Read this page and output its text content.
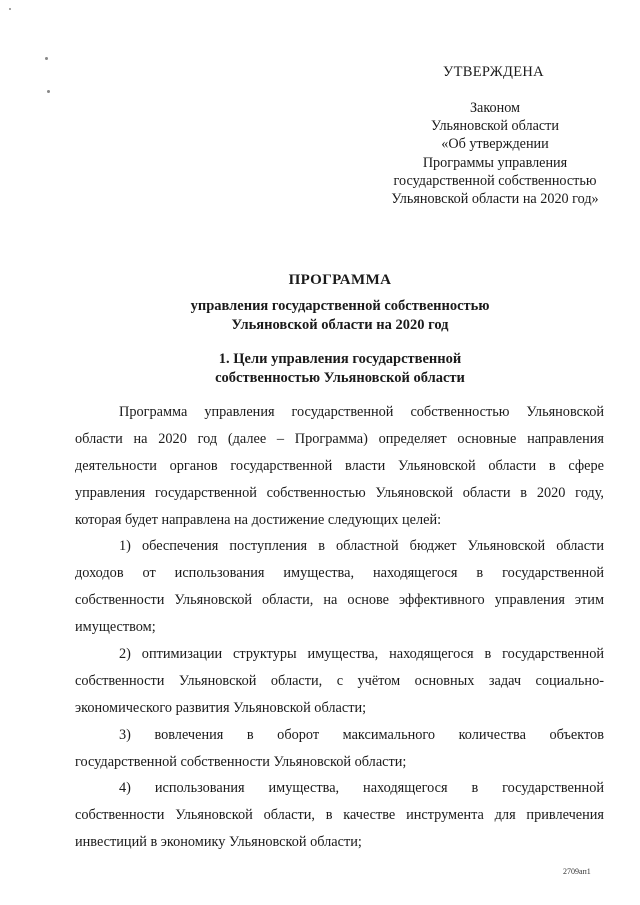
УТВЕРЖДЕНА
Законом
Ульяновской области
«Об утверждении
Программы управления
государственной собственностью
Ульяновской области на 2020 год»
ПРОГРАММА
управления государственной собственностью
Ульяновской области на 2020 год
1. Цели управления государственной
собственностью Ульяновской области
Программа управления государственной собственностью Ульяновской
области на 2020 год (далее – Программа) определяет основные направления
деятельности органов государственной власти Ульяновской области в сфере
управления государственной собственностью Ульяновской области в 2020 году,
которая будет направлена на достижение следующих целей:
1) обеспечения поступления в областной бюджет Ульяновской области
доходов от использования имущества, находящегося в государственной
собственности Ульяновской области, на основе эффективного управления этим
имуществом;
2) оптимизации структуры имущества, находящегося в государственной
собственности Ульяновской области, с учётом основных задач социально-
экономического развития Ульяновской области;
3) вовлечения в оборот максимального количества объектов
государственной собственности Ульяновской области;
4) использования имущества, находящегося в государственной
собственности Ульяновской области, в качестве инструмента для привлечения
инвестиций в экономику Ульяновской области;
2709ап1
